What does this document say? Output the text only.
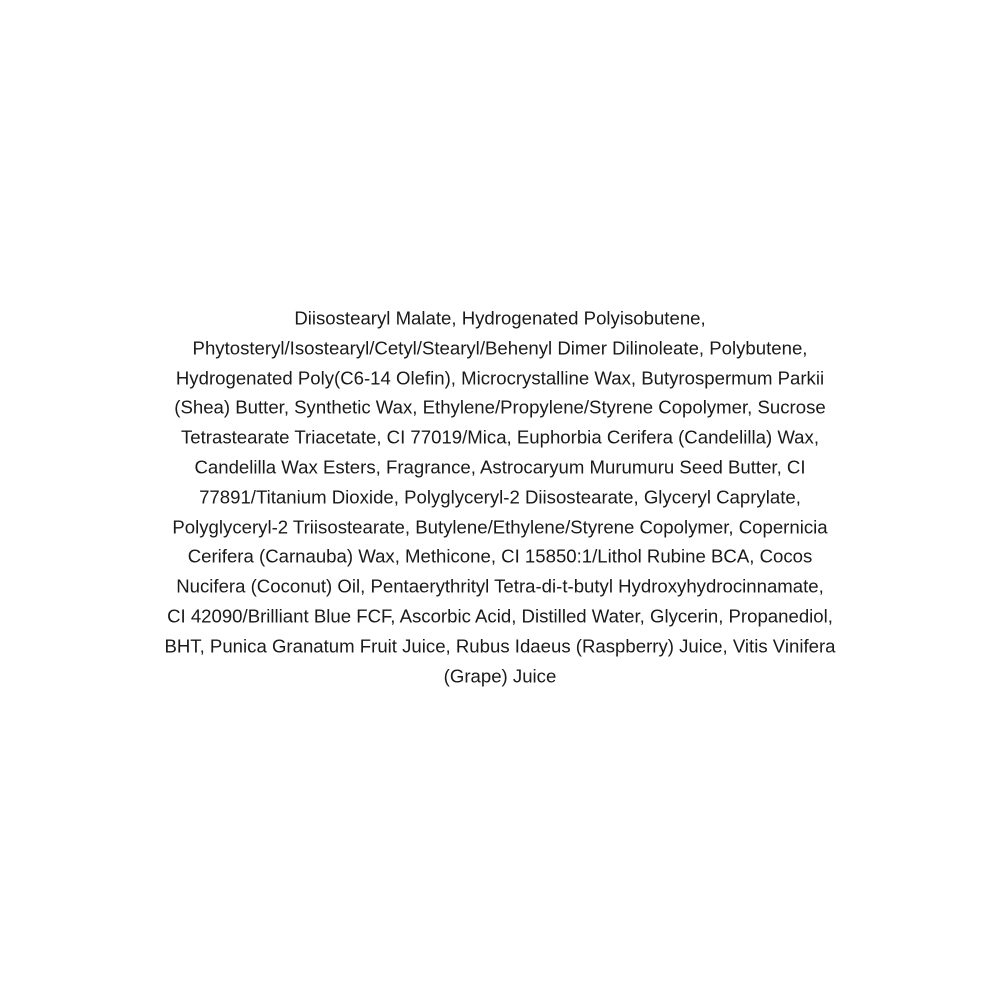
Diisostearyl Malate, Hydrogenated Polyisobutene,
Phytosteryl/Isostearyl/Cetyl/Stearyl/Behenyl Dimer Dilinoleate, Polybutene,
Hydrogenated Poly(C6-14 Olefin), Microcrystalline Wax, Butyrospermum Parkii
(Shea) Butter, Synthetic Wax, Ethylene/Propylene/Styrene Copolymer, Sucrose
Tetrastearate Triacetate, CI 77019/Mica, Euphorbia Cerifera (Candelilla) Wax,
Candelilla Wax Esters, Fragrance, Astrocaryum Murumuru Seed Butter, CI
77891/Titanium Dioxide, Polyglyceryl-2 Diisostearate, Glyceryl Caprylate,
Polyglyceryl-2 Triisostearate, Butylene/Ethylene/Styrene Copolymer, Copernicia
Cerifera (Carnauba) Wax, Methicone, CI 15850:1/Lithol Rubine BCA, Cocos
Nucifera (Coconut) Oil, Pentaerythrityl Tetra-di-t-butyl Hydroxyhydrocinnamate,
CI 42090/Brilliant Blue FCF, Ascorbic Acid, Distilled Water, Glycerin, Propanediol,
BHT, Punica Granatum Fruit Juice, Rubus Idaeus (Raspberry) Juice, Vitis Vinifera
(Grape) Juice
